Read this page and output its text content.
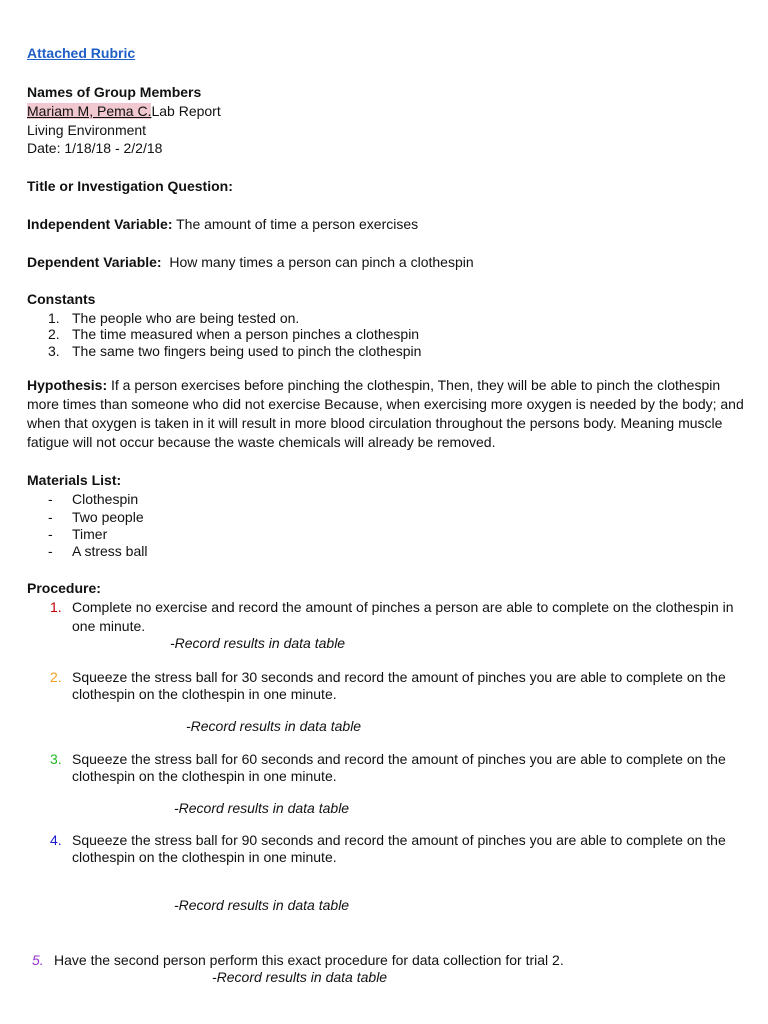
Attached Rubric
Names of Group Members
Mariam M, Pema C.Lab Report
Living Environment
Date: 1/18/18 - 2/2/18
Title or Investigation Question:
Independent Variable: The amount of time a person exercises
Dependent Variable:  How many times a person can pinch a clothespin
Constants
1. The people who are being tested on.
2. The time measured when a person pinches a clothespin
3. The same two fingers being used to pinch the clothespin
Hypothesis: If a person exercises before pinching the clothespin, Then, they will be able to pinch the clothespin
more times than someone who did not exercise Because, when exercising more oxygen is needed by the body; and
when that oxygen is taken in it will result in more blood circulation throughout the persons body. Meaning muscle
fatigue will not occur because the waste chemicals will already be removed.
Materials List:
- Clothespin
- Two people
- Timer
- A stress ball
Procedure:
1. Complete no exercise and record the amount of pinches a person are able to complete on the clothespin in
one minute.
-Record results in data table
2. Squeeze the stress ball for 30 seconds and record the amount of pinches you are able to complete on the
clothespin on the clothespin in one minute.
-Record results in data table
3. Squeeze the stress ball for 60 seconds and record the amount of pinches you are able to complete on the
clothespin on the clothespin in one minute.
-Record results in data table
4. Squeeze the stress ball for 90 seconds and record the amount of pinches you are able to complete on the
clothespin on the clothespin in one minute.
-Record results in data table
5. Have the second person perform this exact procedure for data collection for trial 2.
-Record results in data table
